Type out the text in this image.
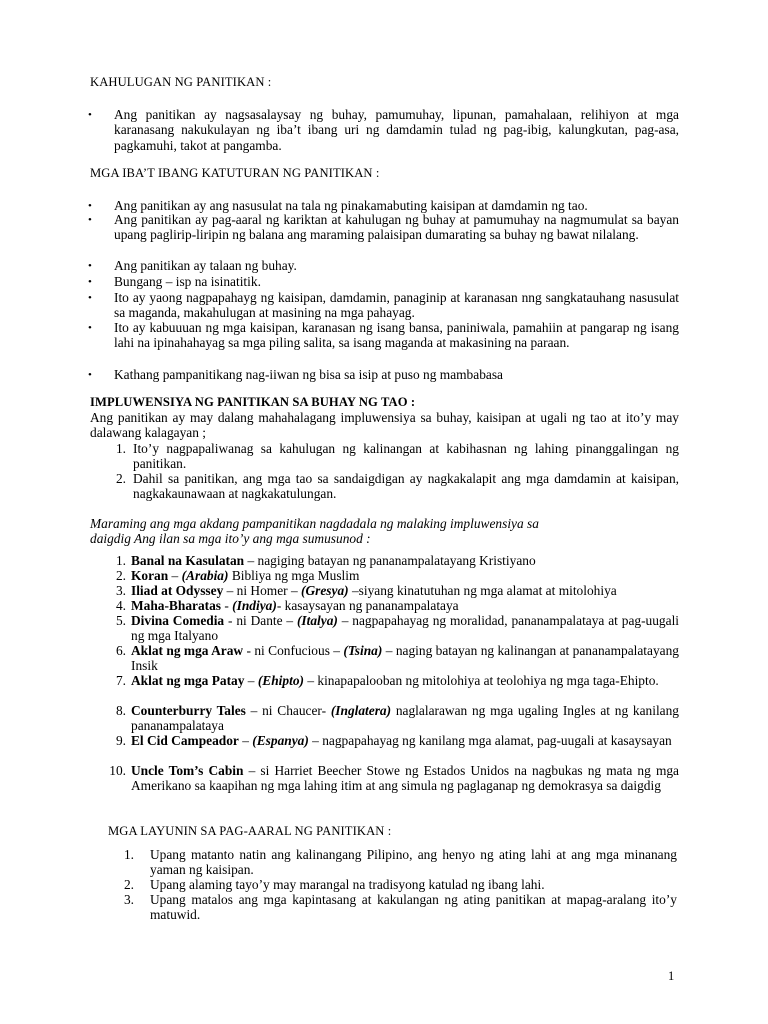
KAHULUGAN NG PANITIKAN :
• Ang panitikan ay nagsasalaysay ng buhay, pamumuhay, lipunan, pamahalaan, relihiyon at mga karanasang nakukulayan ng iba’t ibang uri ng damdamin tulad ng pag-ibig, kalungkutan, pag-asa, pagkamuhi, takot at pangamba.
MGA IBA’T IBANG KATUTURAN NG PANITIKAN :
• Ang panitikan ay ang nasusulat na tala ng pinakamabuting kaisipan at damdamin ng tao.
• Ang panitikan ay pag-aaral ng kariktan at kahulugan ng buhay at pamumuhay na nagmumulat sa bayan upang paglirip-liripin ng balana ang maraming palaisipan dumarating sa buhay ng bawat nilalang.
• Ang panitikan ay talaan ng buhay.
• Bungang – isp na isinatitik.
• Ito ay yaong nagpapahayg ng kaisipan, damdamin, panaginip at karanasan nng sangkatauhang nasusulat sa maganda, makahulugan at masining na mga pahayag.
• Ito ay kabuuuan ng mga kaisipan, karanasan ng isang bansa, paniniwala, pamahiin at pangarap ng isang lahi na ipinahahayag sa mga piling salita, sa isang maganda at makasining na paraan.
• Kathang pampanitikang nag-iiwan ng bisa sa isip at puso ng mambabasa
IMPLUWENSIYA NG PANITIKAN SA BUHAY NG TAO :
Ang panitikan ay may dalang mahahalagang impluwensiya sa buhay, kaisipan at ugali ng tao at ito’y may dalawang kalagayan ;
1. Ito’y nagpapaliwanag sa kahulugan ng kalinangan at kabihasnan ng lahing pinanggalingan ng panitikan.
2. Dahil sa panitikan, ang mga tao sa sandaigdigan ay nagkakalapit ang mga damdamin at kaisipan, nagkakaunawaan at nagkakatulungan.
Maraming ang mga akdang pampanitikan nagdadala ng malaking impluwensiya sa
daigdig Ang ilan sa mga ito’y ang mga sumusunod :
1. Banal na Kasulatan – nagiging batayan ng pananampalatayang Kristiyano
2. Koran – (Arabia) Bibliya ng mga Muslim
3. Iliad at Odyssey – ni Homer – (Gresya) –siyang kinatutuhan ng mga alamat at mitolohiya
4. Maha-Bharatas - (Indiya)- kasaysayan ng pananampalataya
5. Divina Comedia - ni Dante – (Italya) – nagpapahayag ng moralidad, pananampalataya at pag-uugali ng mga Italyano
6. Aklat ng mga Araw - ni Confucious – (Tsina) – naging batayan ng kalinangan at pananampalatayang Insik
7. Aklat ng mga Patay – (Ehipto) – kinapapalooban ng mitolohiya at teolohiya ng mga taga-Ehipto.
8. Counterburry Tales – ni Chaucer- (Inglatera) naglalarawan ng mga ugaling Ingles at ng kanilang pananampalataya
9. El Cid Campeador – (Espanya) – nagpapahayag ng kanilang mga alamat, pag-uugali at kasaysayan
10. Uncle Tom’s Cabin – si Harriet Beecher Stowe ng Estados Unidos na nagbukas ng mata ng mga Amerikano sa kaapihan ng mga lahing itim at ang simula ng paglaganap ng demokrasya sa daigdig
MGA LAYUNIN SA PAG-AARAL NG PANITIKAN :
1. Upang matanto natin ang kalinangang Pilipino, ang henyo ng ating lahi at ang mga minanang yaman ng kaisipan.
2. Upang alaming tayo’y may marangal na tradisyong katulad ng ibang lahi.
3. Upang matalos ang mga kapintasang at kakulangan ng ating panitikan at mapag-aralang ito’y matuwid.
1
